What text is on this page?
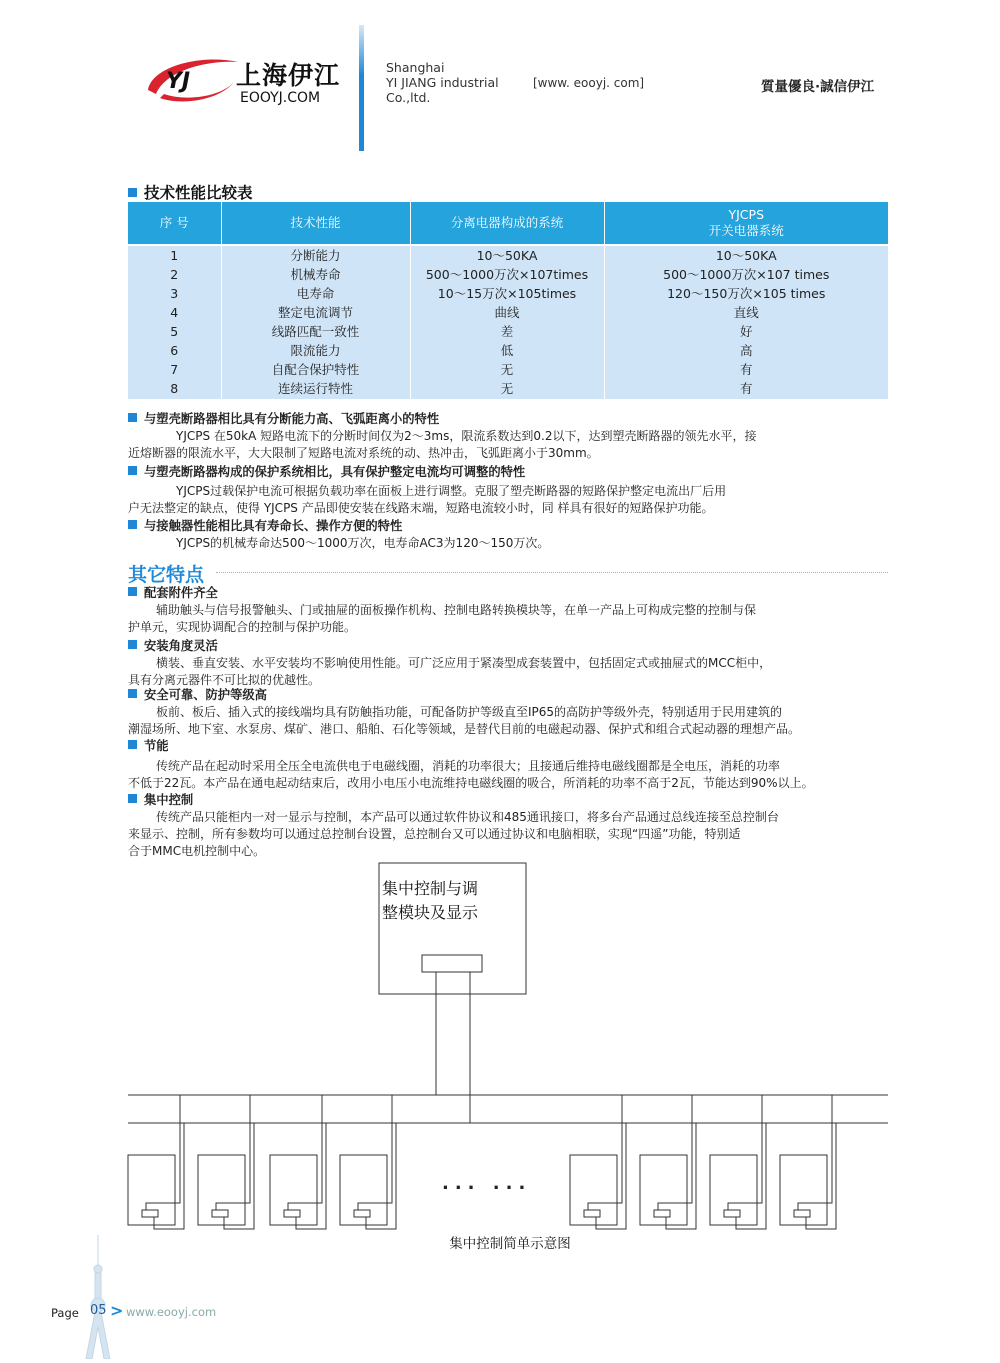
YJ 上海伊江
EOOYJ.COM
Shanghai
YI JIANG industrial
Co.,ltd.
[www. eooyj. com]	質量優良·誠信伊江
技术性能比较表
序 号	技术性能	分离电器构成的系统	YJCPS
开关电器系统
1	分断能力	10～50KA	10～50KA
2	机械寿命	500～1000万次×107times	500～1000万次×107 times
3	电寿命	10～15万次×105times	120～150万次×105 times
4	整定电流调节	曲线	直线
5	线路匹配一致性	差	好
6	限流能力	低	高
7	自配合保护特性	无	有
8	连续运行特性	无	有
与塑壳断路器相比具有分断能力高、飞弧距离小的特性
YJCPS 在50kA 短路电流下的分断时间仅为2～3ms，限流系数达到0.2以下，达到塑壳断路器的领先水平，接
近熔断器的限流水平，大大限制了短路电流对系统的动、热冲击，飞弧距离小于30mm。
与塑壳断路器构成的保护系统相比，具有保护整定电流均可调整的特性
YJCPS过载保护电流可根据负载功率在面板上进行调整。克服了塑壳断路器的短路保护整定电流出厂后用
户无法整定的缺点，使得 YJCPS 产品即使安装在线路末端，短路电流较小时，同 样具有很好的短路保护功能。
与接触器性能相比具有寿命长、操作方便的特性
YJCPS的机械寿命达500～1000万次，电寿命AC3为120～150万次。
其它特点
配套附件齐全
辅助触头与信号报警触头、门或抽屉的面板操作机构、控制电路转换模块等，在单一产品上可构成完整的控制与保
护单元，实现协调配合的控制与保护功能。
安装角度灵活
横装、垂直安装、水平安装均不影响使用性能。可广泛应用于紧凑型成套装置中，包括固定式或抽屉式的MCC柜中，
具有分离元器件不可比拟的优越性。
安全可靠、防护等级高
板前、板后、插入式的接线端均具有防触指功能，可配备防护等级直至IP65的高防护等级外壳，特别适用于民用建筑的
潮湿场所、地下室、水泵房、煤矿、港口、船舶、石化等领域，是替代目前的电磁起动器、保护式和组合式起动器的理想产品。
节能
传统产品在起动时采用全压全电流供电于电磁线圈，消耗的功率很大；且接通后维持电磁线圈都是全电压，消耗的功率
不低于22瓦。本产品在通电起动结束后，改用小电压小电流维持电磁线圈的吸合，所消耗的功率不高于2瓦，节能达到90%以上。
集中控制
传统产品只能柜内一对一显示与控制，本产品可以通过软件协议和485通讯接口，将多台产品通过总线连接至总控制台
来显示、控制，所有参数均可以通过总控制台设置，总控制台又可以通过协议和电脑相联，实现“四遥”功能，特别适
合于MMC电机控制中心。
集中控制与调
整模块及显示
... ...
集中控制简单示意图
Page 05 > www.eooyj.com
